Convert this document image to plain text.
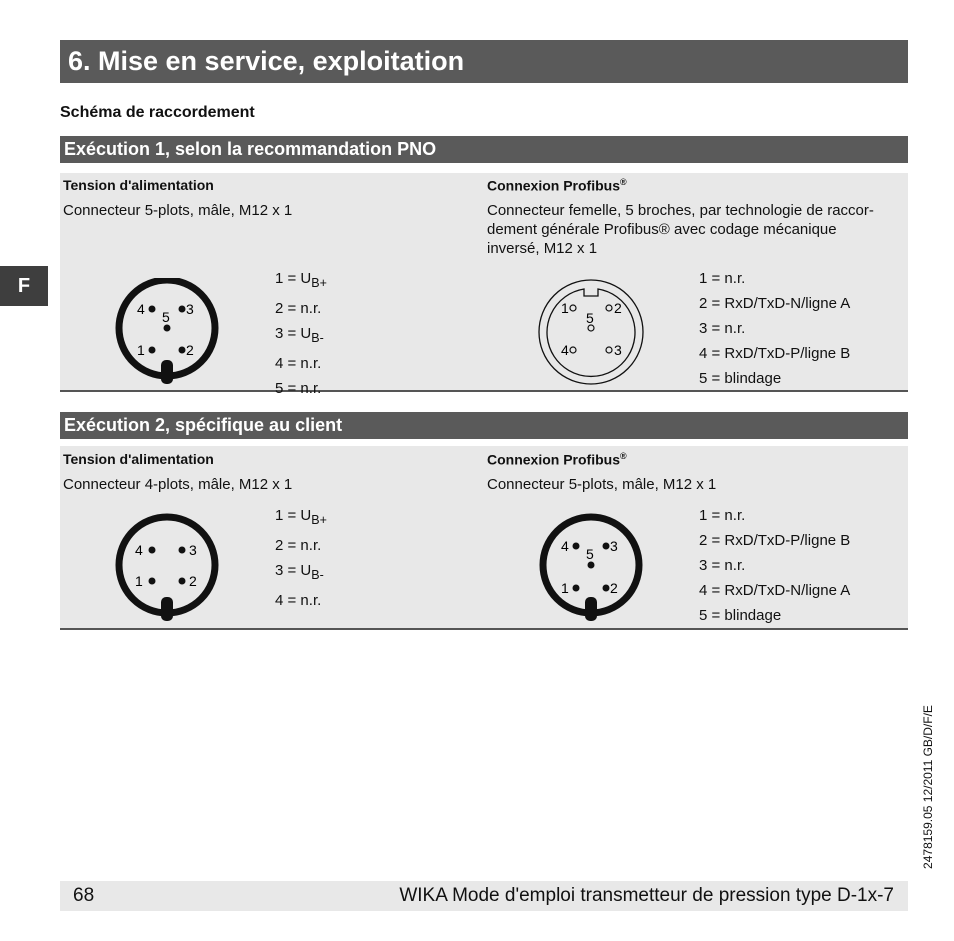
6. Mise en service, exploitation
Schéma de raccordement
F
Exécution 1, selon la recommandation PNO
Tension d'alimentation
Connecteur 5-plots, mâle, M12 x 1
Connexion Profibus®
Connecteur femelle, 5 broches, par technologie de raccor-
dement générale Profibus® avec codage mécanique
inversé, M12 x 1
4	3
5
1	2
$1 = U_{B+}$
2 = n.r.
$3 = U_{B-}$
4 = n.r.
5 = n.r.
1	2
5
4	3
1 = n.r.
2 = RxD/TxD-N/ligne A
3 = n.r.
4 = RxD/TxD-P/ligne B
5 = blindage
Exécution 2, spécifique au client
Tension d'alimentation
Connecteur 4-plots, mâle, M12 x 1
Connexion Profibus®
Connecteur 5-plots, mâle, M12 x 1
4	3
1	2
$1 = U_{B+}$
2 = n.r.
$3 = U_{B-}$
4 = n.r.
4	3
5
1	2
1 = n.r.
2 = RxD/TxD-P/ligne B
3 = n.r.
4 = RxD/TxD-N/ligne A
5 = blindage
2478159.05 12/2011 GB/D/F/E
68	WIKA Mode d'emploi transmetteur de pression type D-1x-7
